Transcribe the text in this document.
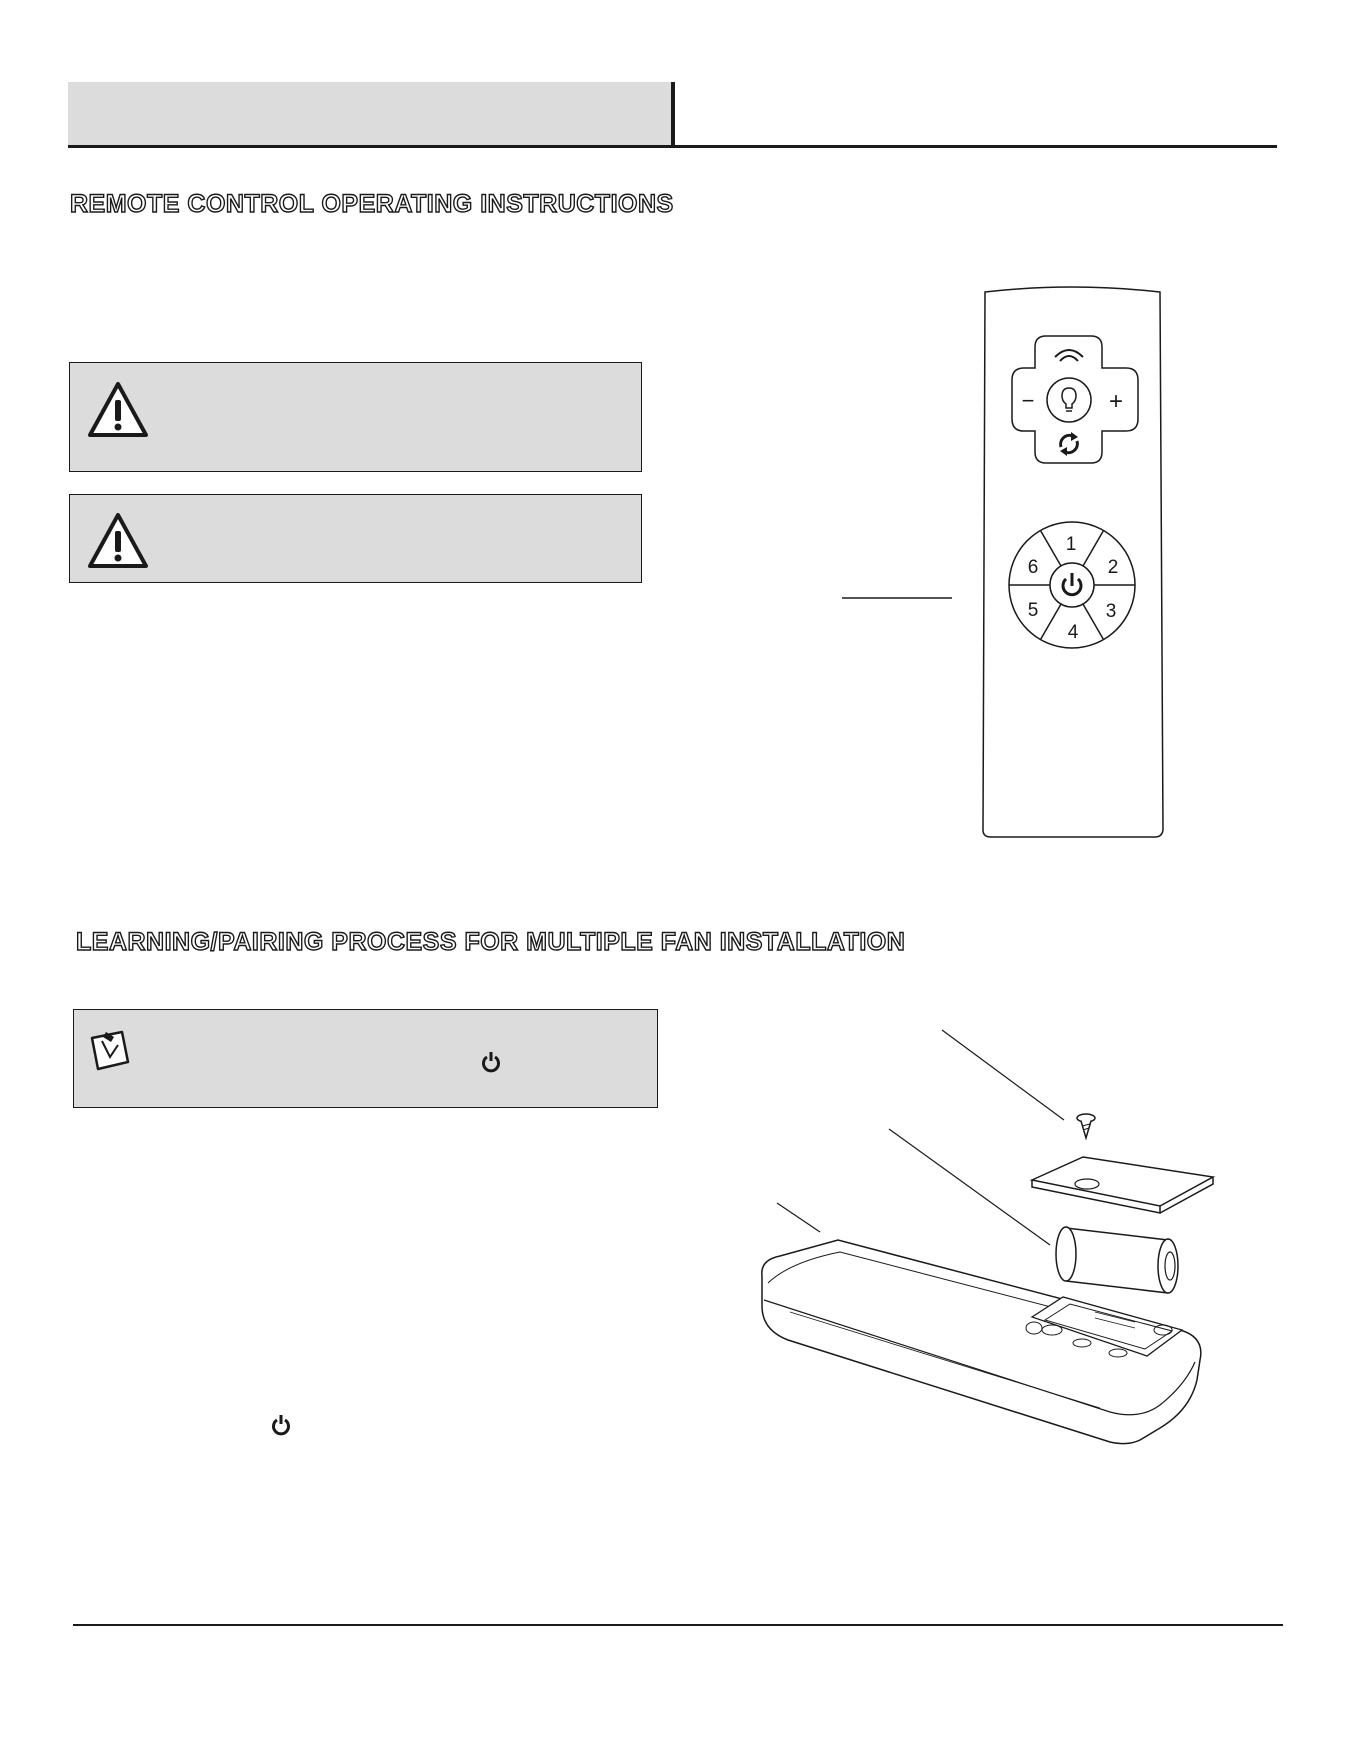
REMOTE CONTROL OPERATING INSTRUCTIONS
−	+
1
2
3
4
5
6
LEARNING/PAIRING PROCESS FOR MULTIPLE FAN INSTALLATION
